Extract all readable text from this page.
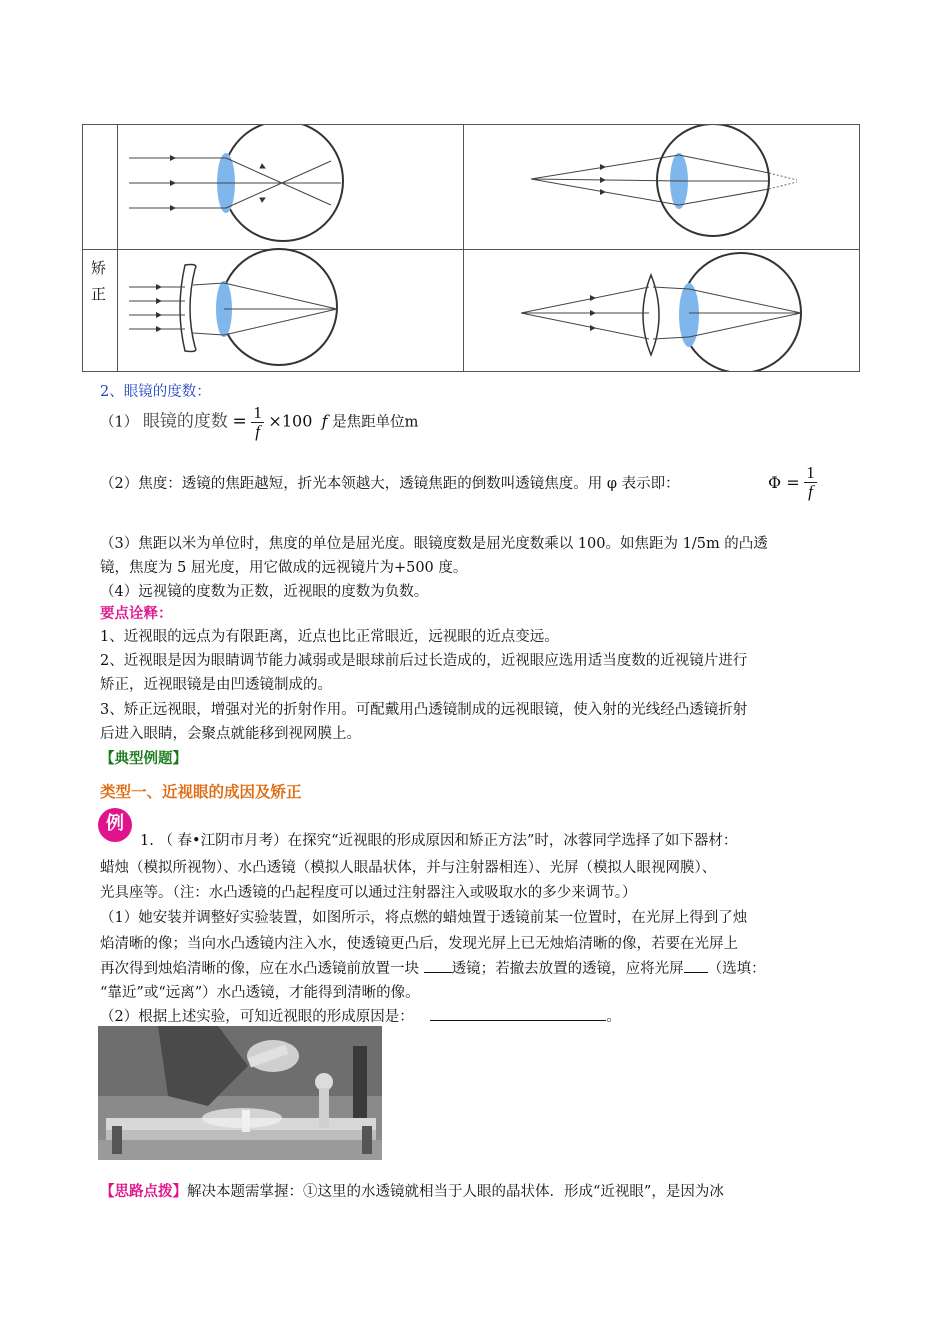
矫正
2、眼镜的度数：
（1） 眼镜的度数 = $\frac{1}{f} \times 100$ f 是焦距单位m
（2）焦度：透镜的焦距越短，折光本领越大，透镜焦距的倒数叫透镜焦度。用 φ 表示即：	$\Phi = \frac{1}{f}$
（3）焦距以米为单位时，焦度的单位是屈光度。眼镜度数是屈光度数乘以 100。如焦距为 1/5m 的凸透
镜，焦度为 5 屈光度，用它做成的远视镜片为+500 度。
（4）远视镜的度数为正数，近视眼的度数为负数。
要点诠释：
1、近视眼的远点为有限距离，近点也比正常眼近，远视眼的近点变远。
2、近视眼是因为眼睛调节能力减弱或是眼球前后过长造成的，近视眼应选用适当度数的近视镜片进行
矫正，近视眼镜是由凹透镜制成的。
3、矫正远视眼，增强对光的折射作用。可配戴用凸透镜制成的远视眼镜，使入射的光线经凸透镜折射
后进入眼睛，会聚点就能移到视网膜上。
【典型例题】
类型一、近视眼的成因及矫正
例
1. （ 春•江阴市月考）在探究“近视眼的形成原因和矫正方法”时，冰蓉同学选择了如下器材：
蜡烛（模拟所视物）、水凸透镜（模拟人眼晶状体，并与注射器相连）、光屏（模拟人眼视网膜）、
光具座等。（注：水凸透镜的凸起程度可以通过注射器注入或吸取水的多少来调节。）
（1）她安装并调整好实验装置，如图所示，将点燃的蜡烛置于透镜前某一位置时，在光屏上得到了烛
焰清晰的像；当向水凸透镜内注入水，使透镜更凸后，发现光屏上已无烛焰清晰的像，若要在光屏上
再次得到烛焰清晰的像，应在水凸透镜前放置一块 透镜；若撤去放置的透镜，应将光屏 （选填：
“靠近”或“远离”）水凸透镜，才能得到清晰的像。
（2）根据上述实验，可知近视眼的形成原因是：	。
【思路点拨】解决本题需掌握：①这里的水透镜就相当于人眼的晶状体．形成“近视眼”，是因为冰
